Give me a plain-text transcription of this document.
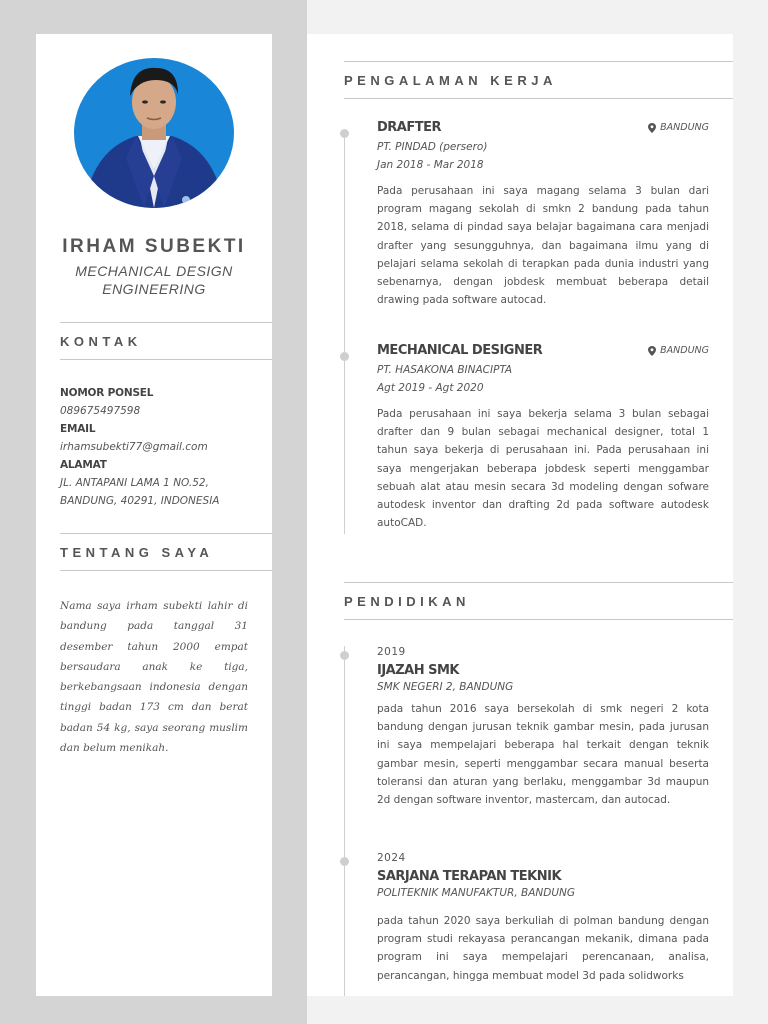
IRHAM SUBEKTI
MECHANICAL DESIGN ENGINEERING
KONTAK
NOMOR PONSEL
089675497598
EMAIL
irhamsubekti77@gmail.com
ALAMAT
JL. ANTAPANI LAMA 1 NO.52,
BANDUNG, 40291, INDONESIA
TENTANG SAYA
Nama saya irham subekti lahir di bandung pada tanggal 31 desember tahun 2000 empat bersaudara anak ke tiga, berkebangsaan indonesia dengan tinggi badan 173 cm dan berat badan 54 kg, saya seorang muslim dan belum menikah.
PENGALAMAN KERJA
DRAFTER	BANDUNG
PT. PINDAD (persero)
Jan 2018 - Mar 2018
Pada perusahaan ini saya magang selama 3 bulan dari program magang sekolah di smkn 2 bandung pada tahun 2018, selama di pindad saya belajar bagaimana cara menjadi drafter yang sesungguhnya, dan bagaimana ilmu yang di pelajari selama sekolah di terapkan pada dunia industri yang sebenarnya, dengan jobdesk membuat beberapa detail drawing pada software autocad.
MECHANICAL DESIGNER	BANDUNG
PT. HASAKONA BINACIPTA
Agt 2019 - Agt 2020
Pada perusahaan ini saya bekerja selama 3 bulan sebagai drafter dan 9 bulan sebagai mechanical designer, total 1 tahun saya bekerja di perusahaan ini. Pada perusahaan ini saya mengerjakan beberapa jobdesk seperti menggambar sebuah alat atau mesin secara 3d modeling dengan sofware autodesk inventor dan drafting 2d pada software autodesk autoCAD.
PENDIDIKAN
2019
IJAZAH SMK
SMK NEGERI 2, BANDUNG
pada tahun 2016 saya bersekolah di smk negeri 2 kota bandung dengan jurusan teknik gambar mesin, pada jurusan ini saya mempelajari beberapa hal terkait dengan teknik gambar mesin, seperti menggambar secara manual beserta toleransi dan aturan yang berlaku, menggambar 3d maupun 2d dengan software inventor, mastercam, dan autocad.
2024
SARJANA TERAPAN TEKNIK
POLITEKNIK MANUFAKTUR, BANDUNG
pada tahun 2020 saya berkuliah di polman bandung dengan program studi rekayasa perancangan mekanik, dimana pada program ini saya mempelajari perencanaan, analisa, perancangan, hingga membuat model 3d pada solidworks
